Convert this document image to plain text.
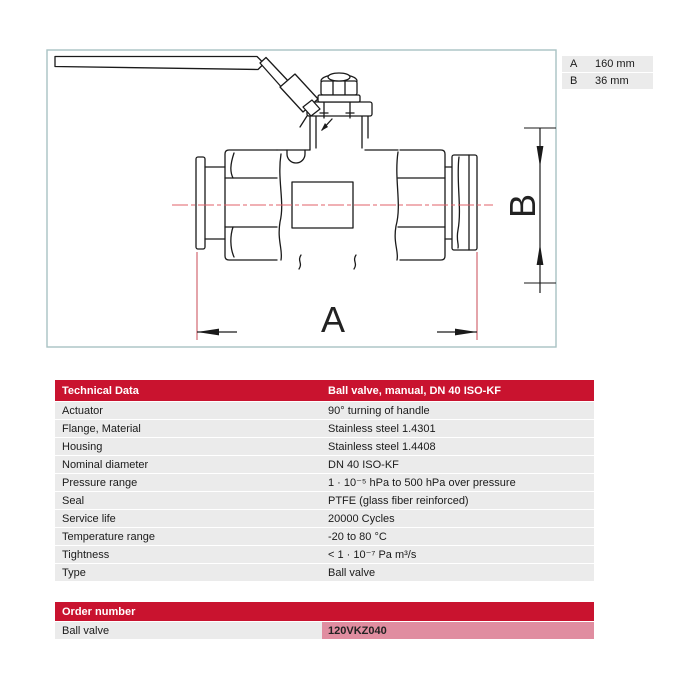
A
B
A	160 mm
B	36 mm
Technical Data	Ball valve, manual, DN 40 ISO-KF
Actuator	90° turning of handle
Flange, Material	Stainless steel 1.4301
Housing	Stainless steel 1.4408
Nominal diameter	DN 40 ISO-KF
Pressure range	1 · 10⁻⁵ hPa to 500 hPa over pressure
Seal	PTFE (glass fiber reinforced)
Service life	20000 Cycles
Temperature range	-20 to 80 °C
Tightness	< 1 · 10⁻⁷ Pa m³/s
Type	Ball valve
Order number
Ball valve	120VKZ040
